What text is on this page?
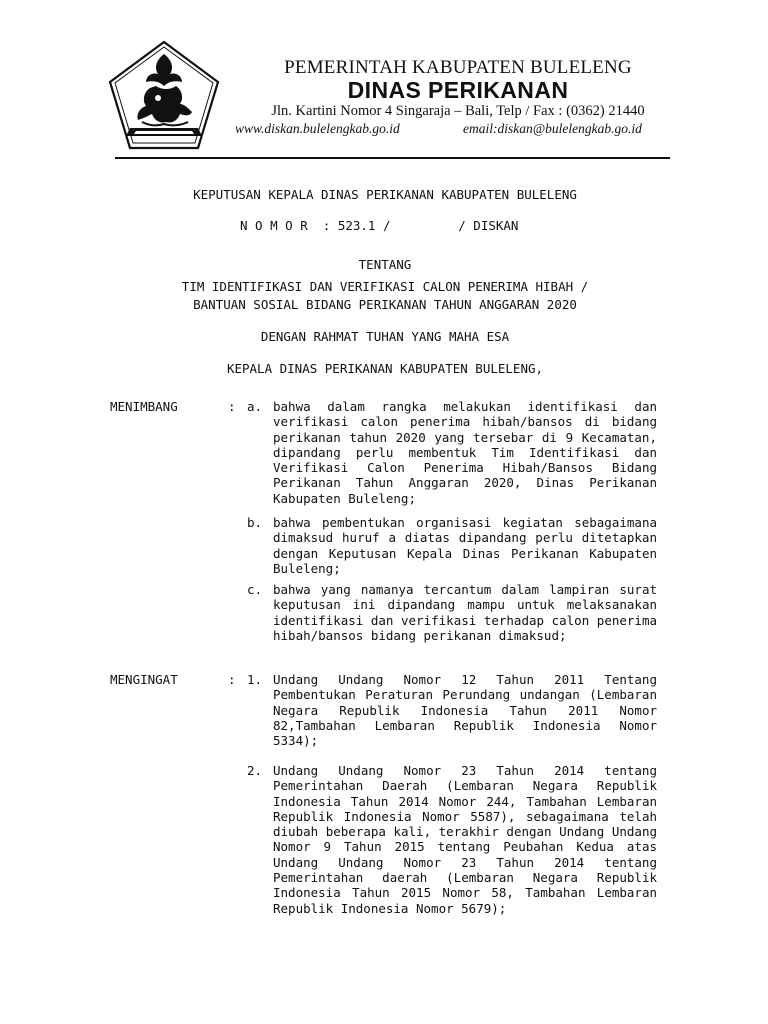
PEMERINTAH KABUPATEN BULELENG
DINAS PERIKANAN
Jln. Kartini Nomor 4 Singaraja – Bali, Telp / Fax : (0362) 21440
www.diskan.bulelengkab.go.id	email:diskan@bulelengkab.go.id
KEPUTUSAN KEPALA DINAS PERIKANAN KABUPATEN BULELENG
N O M O R  : 523.1 /         / DISKAN
TENTANG
TIM IDENTIFIKASI DAN VERIFIKASI CALON PENERIMA HIBAH /
BANTUAN SOSIAL BIDANG PERIKANAN TAHUN ANGGARAN 2020
DENGAN RAHMAT TUHAN YANG MAHA ESA
KEPALA DINAS PERIKANAN KABUPATEN BULELENG,
MENIMBANG	: a. bahwa dalam rangka melakukan identifikasi dan verifikasi calon penerima hibah/bansos di bidang perikanan tahun 2020 yang tersebar di 9 Kecamatan, dipandang perlu membentuk Tim Identifikasi dan Verifikasi Calon Penerima Hibah/Bansos Bidang Perikanan Tahun Anggaran 2020, Dinas Perikanan Kabupaten Buleleng;
b. bahwa pembentukan organisasi kegiatan sebagaimana dimaksud huruf a diatas dipandang perlu ditetapkan dengan Keputusan Kepala Dinas Perikanan Kabupaten Buleleng;
c. bahwa yang namanya tercantum dalam lampiran surat keputusan ini dipandang mampu untuk melaksanakan identifikasi dan verifikasi terhadap calon penerima hibah/bansos bidang perikanan dimaksud;
MENGINGAT	: 1. Undang Undang Nomor 12 Tahun 2011 Tentang Pembentukan Peraturan Perundang undangan (Lembaran Negara Republik Indonesia Tahun 2011 Nomor 82,Tambahan Lembaran Republik Indonesia Nomor 5334);
2. Undang Undang Nomor 23 Tahun 2014 tentang Pemerintahan Daerah (Lembaran Negara Republik Indonesia Tahun 2014 Nomor 244, Tambahan Lembaran Republik Indonesia Nomor 5587), sebagaimana telah diubah beberapa kali, terakhir dengan Undang Undang Nomor 9 Tahun 2015 tentang Peubahan Kedua atas Undang Undang Nomor 23 Tahun 2014 tentang Pemerintahan daerah (Lembaran Negara Republik Indonesia Tahun 2015 Nomor 58, Tambahan Lembaran Republik Indonesia Nomor 5679);
